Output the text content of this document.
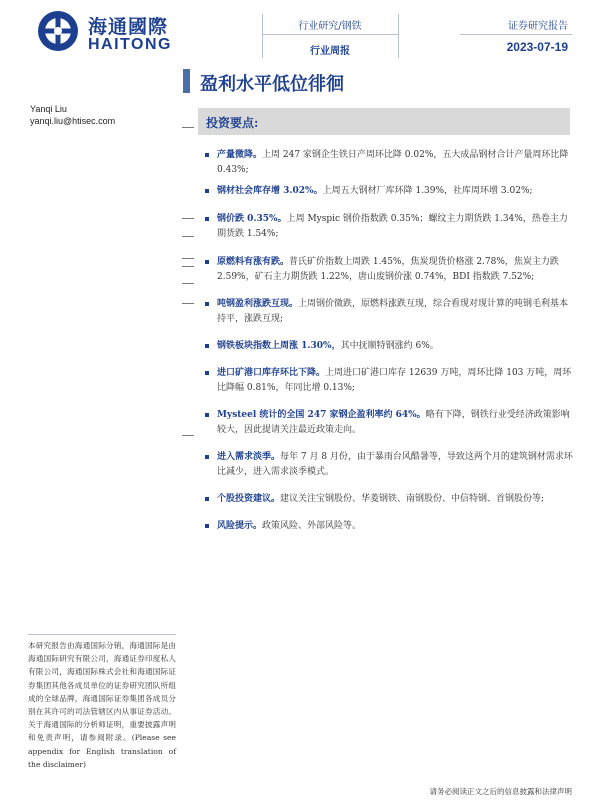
海通國際
HAITONG
行业研究/钢铁
行业周报
证券研究报告
2023-07-19
盈利水平低位徘徊
Yanqi Liu
yanqi.liu@htisec.com	投资要点:
产量微降。上周 247 家钢企生铁日产周环比降 0.02%，五大成品钢材合计产量周环比降 0.43%;
钢材社会库存增 3.02%。上周五大钢材厂库环降 1.39%，社库周环增 3.02%;
钢价跌 0.35%。上周 Myspic 钢价指数跌 0.35%；螺纹主力期货跌 1.34%，热卷主力期货跌 1.54%;
原燃料有涨有跌。普氏矿价指数上周跌 1.45%，焦炭现货价格涨 2.78%，焦炭主力跌 2.59%，矿石主力期货跌 1.22%，唐山废钢价涨 0.74%，BDI 指数跌 7.52%;
吨钢盈利涨跌互现。上周钢价微跌，原燃料涨跌互现，综合看现对现计算的吨钢毛利基本持平，涨跌互现;
钢铁板块指数上周涨 1.30%，其中抚顺特钢涨约 6%。
进口矿港口库存环比下降。上周进口矿港口库存 12639 万吨，周环比降 103 万吨，周环比降幅 0.81%，年同比增 0.13%;
Mysteel 统计的全国 247 家钢企盈利率约 64%。略有下降，钢铁行业受经济政策影响较大，因此提请关注最近政策走向。
进入需求淡季。每年 7 月 8 月份，由于暴雨台风酷暑等，导致这两个月的建筑钢材需求环比减少，进入需求淡季模式。
个股投资建议。建议关注宝钢股份、华菱钢铁、南钢股份、中信特钢、首钢股份等;
风险提示。政策风险、外部风险等。
本研究报告由海通国际分销，海通国际是由海通国际研究有限公司，海通证券印度私人有限公司，海通国际株式会社和海通国际证券集团其他各成员单位的证券研究团队所组成的全球品牌，海通国际证券集团各成员分别在其许可的司法管辖区内从事证券活动。关于海通国际的分析师证明，重要披露声明和免责声明，请参阅附录。(Please see appendix for English translation of the disclaimer)
请务必阅读正文之后的信息披露和法律声明
